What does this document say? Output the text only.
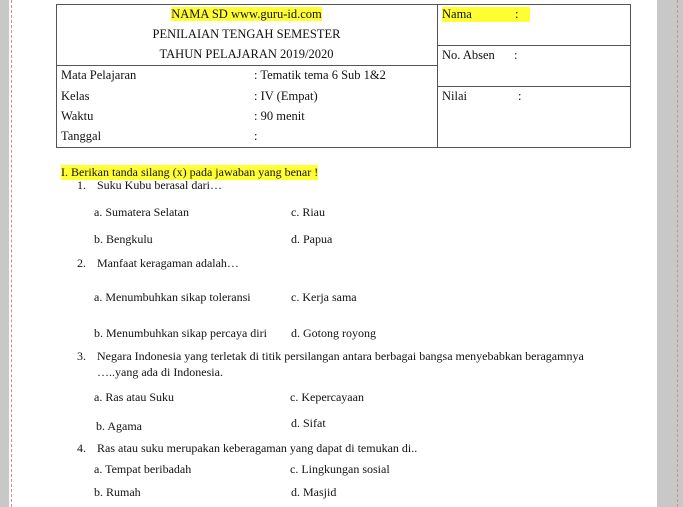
NAMA SD www.guru-id.com
PENILAIAN TENGAH SEMESTER
TAHUN PELAJARAN 2019/2020
Nama	:
No. Absen :
Nilai	:
Mata Pelajaran	: Tematik tema 6 Sub 1&2
Kelas	: IV (Empat)
Waktu	: 90 menit
Tanggal	:
I. Berikan tanda silang (x) pada jawaban yang benar !
1. Suku Kubu berasal dari…
a. Sumatera Selatan	c. Riau
b. Bengkulu	d. Papua
2. Manfaat keragaman adalah…
a. Menumbuhkan sikap toleransi	c. Kerja sama
b. Menumbuhkan sikap percaya diri d. Gotong royong
3. Negara Indonesia yang terletak di titik persilangan antara berbagai bangsa menyebabkan beragamnya
…..yang ada di Indonesia.
a. Ras atau Suku	c. Kepercayaan
b. Agama	d. Sifat
4. Ras atau suku merupakan keberagaman yang dapat di temukan di..
a. Tempat beribadah	c. Lingkungan sosial
b. Rumah	d. Masjid
